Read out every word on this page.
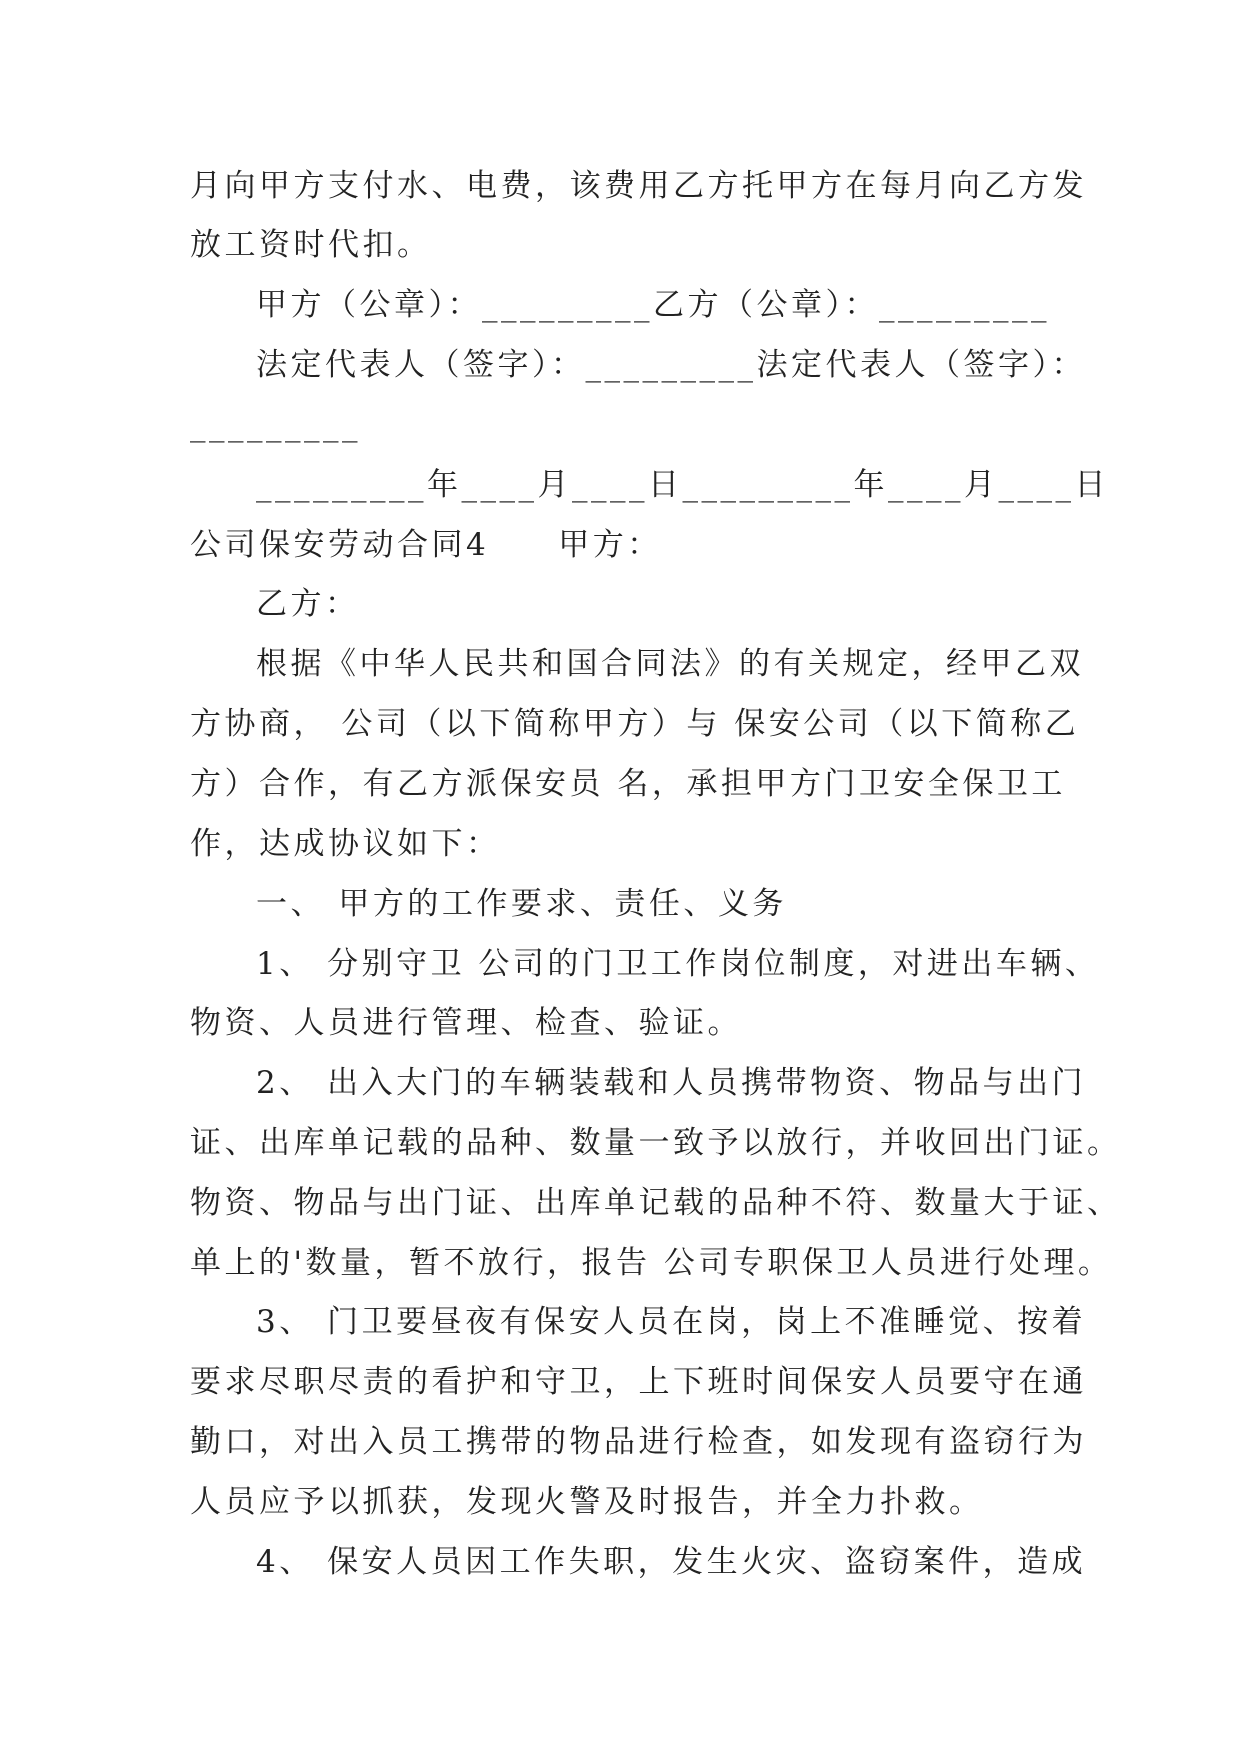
月向甲方支付水、电费，该费用乙方托甲方在每月向乙方发
放工资时代扣。
甲方（公章）：_________乙方（公章）：_________
法定代表人（签字）：_________法定代表人（签字）：
_________
_________年____月____日_________年____月____日
公司保安劳动合同4　　甲方：
乙方：
根据《中华人民共和国合同法》的有关规定，经甲乙双
方协商， 公司（以下简称甲方）与 保安公司（以下简称乙
方）合作，有乙方派保安员 名，承担甲方门卫安全保卫工
作，达成协议如下：
一、 甲方的工作要求、责任、义务
1、 分别守卫 公司的门卫工作岗位制度，对进出车辆、
物资、人员进行管理、检查、验证。
2、 出入大门的车辆装载和人员携带物资、物品与出门
证、出库单记载的品种、数量一致予以放行，并收回出门证。
物资、物品与出门证、出库单记载的品种不符、数量大于证、
单上的'数量，暂不放行，报告 公司专职保卫人员进行处理。
3、 门卫要昼夜有保安人员在岗，岗上不准睡觉、按着
要求尽职尽责的看护和守卫，上下班时间保安人员要守在通
勤口，对出入员工携带的物品进行检查，如发现有盗窃行为
人员应予以抓获，发现火警及时报告，并全力扑救。
4、 保安人员因工作失职，发生火灾、盗窃案件，造成
